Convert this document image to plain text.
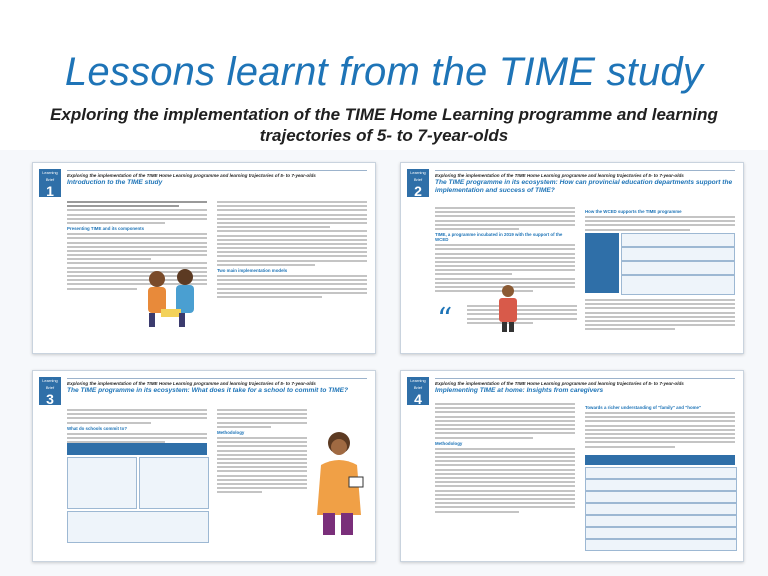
Lessons learnt from the TIME study
Exploring the implementation of the TIME Home Learning programme and learning trajectories of 5- to 7-year-olds
Learning Brief
1
Exploring the implementation of the TIME Home Learning programme and learning trajectories of 5- to 7-year-olds
Introduction to the TIME study
Presenting TIME and its components
Two main implementation models
Learning Brief
2
Exploring the implementation of the TIME Home Learning programme and learning trajectories of 5- to 7-year-olds
The TIME programme in its ecosystem: How can provincial education departments support the implementation and success of TIME?
TIME, a programme incubated in 2019 with the support of the WCED
“
How the WCED supports the TIME programme
Learning Brief
3
Exploring the implementation of the TIME Home Learning programme and learning trajectories of 5- to 7-year-olds
The TIME programme in its ecosystem: What does it take for a school to commit to TIME?
What do schools commit to?
Methodology
Learning Brief
4
Exploring the implementation of the TIME Home Learning programme and learning trajectories of 5- to 7-year-olds
Implementing TIME at home: Insights from caregivers
Methodology
Towards a richer understanding of "family" and "home"
